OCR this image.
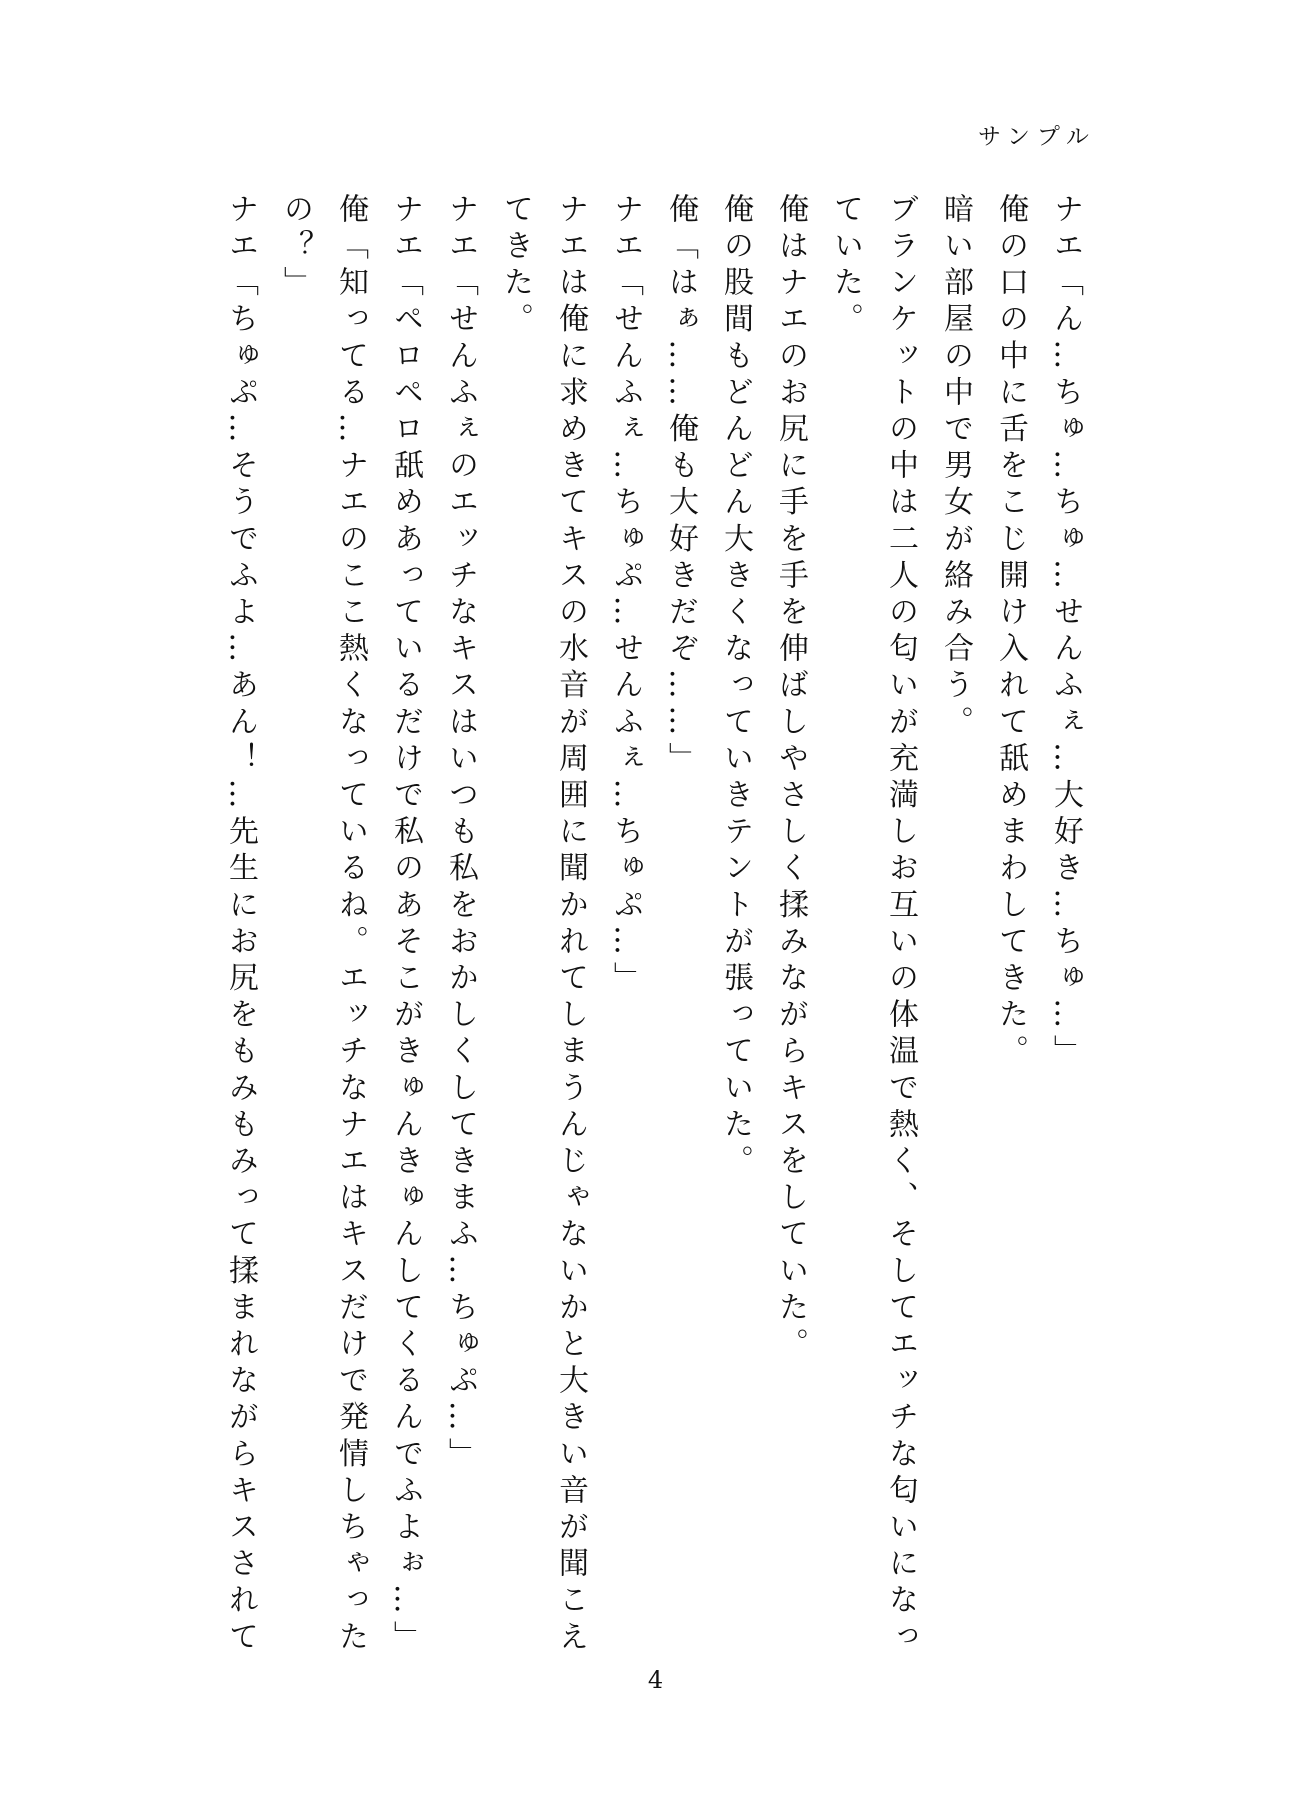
サンプル
ナエ「ん…ちゅ…ちゅ…せんふぇ…大好き…ちゅ…」
俺の口の中に舌をこじ開け入れて舐めまわしてきた。
暗い部屋の中で男女が絡み合う。
ブランケットの中は二人の匂いが充満しお互いの体温で熱く、そしてエッチな匂いになっ
ていた。
俺はナエのお尻に手を手を伸ばしやさしく揉みながらキスをしていた。
俺の股間もどんどん大きくなっていきテントが張っていた。
俺「はぁ……俺も大好きだぞ……」
ナエ「せんふぇ…ちゅぷ…せんふぇ…ちゅぷ…」
ナエは俺に求めきてキスの水音が周囲に聞かれてしまうんじゃないかと大きい音が聞こえ
てきた。
ナエ「せんふぇのエッチなキスはいつも私をおかしくしてきまふ…ちゅぷ…」
ナエ「ペロペロ舐めあっているだけで私のあそこがきゅんきゅんしてくるんでふよぉ…」
俺「知ってる…ナエのここ熱くなっているね。エッチなナエはキスだけで発情しちゃった
の？」
ナエ「ちゅぷ…そうでふよ…あん！…先生にお尻をもみもみって揉まれながらキスされて
4
